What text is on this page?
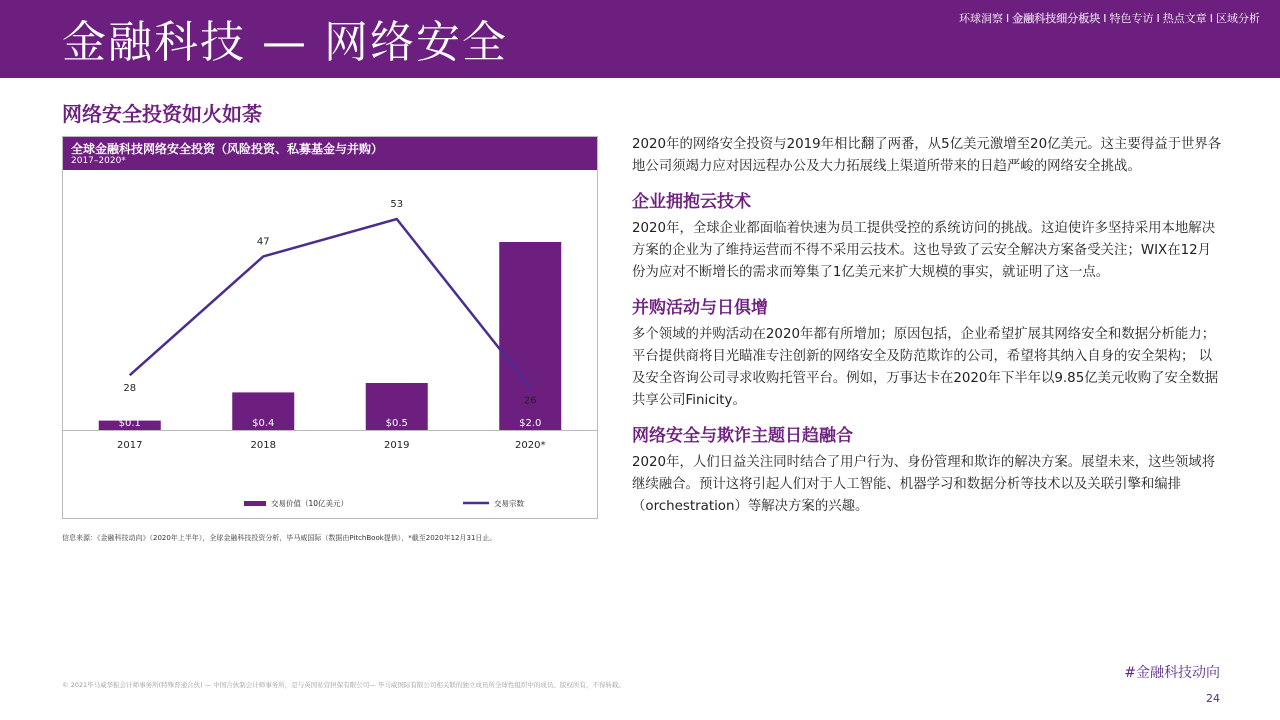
金融科技 — 网络安全	环球洞察 I 金融科技细分板块 I 特色专访 I 热点文章 I 区域分析
网络安全投资如火如荼
全球金融科技网络安全投资（风险投资、私募基金与并购）
2017–2020*
$0.1
2017
$0.4
2018
$0.5
2019
$2.0
2020*
28
47
53
26
交易价值（10亿美元）	交易宗数
信息来源：《金融科技动向》（2020年上半年），全球金融科技投资分析，毕马威国际（数据由PitchBook提供），*截至2020年12月31日止。

2020年的网络安全投资与2019年相比翻了两番，从5亿美元激增至20亿美元。这主要得益于世界各地公司须竭力应对因远程办公及大力拓展线上渠道所带来的日趋严峻的网络安全挑战。

企业拥抱云技术

2020年，全球企业都面临着快速为员工提供受控的系统访问的挑战。这迫使许多坚持采用本地解决方案的企业为了维持运营而不得不采用云技术。这也导致了云安全解决方案备受关注；WIX在12月份为应对不断增长的需求而筹集了1亿美元来扩大规模的事实，就证明了这一点。

并购活动与日俱增

多个领域的并购活动在2020年都有所增加；原因包括，企业希望扩展其网络安全和数据分析能力；平台提供商将目光瞄准专注创新的网络安全及防范欺诈的公司，希望将其纳入自身的安全架构； 以及安全咨询公司寻求收购托管平台。例如，万事达卡在2020年下半年以9.85亿美元收购了安全数据共享公司Finicity。

网络安全与欺诈主题日趋融合

2020年，人们日益关注同时结合了用户行为、身份管理和欺诈的解决方案。展望未来，这些领域将继续融合。预计这将引起人们对于人工智能、机器学习和数据分析等技术以及关联引擎和编排（orchestration）等解决方案的兴趣。

© 2021毕马威华振会计师事务所(特殊普通合伙) — 中国合伙制会计师事务所，是与英国私营担保有限公司— 毕马威国际有限公司相关联的独立成员所全球性组织中的成员。版权所有，不得转载。
#金融科技动向
24
